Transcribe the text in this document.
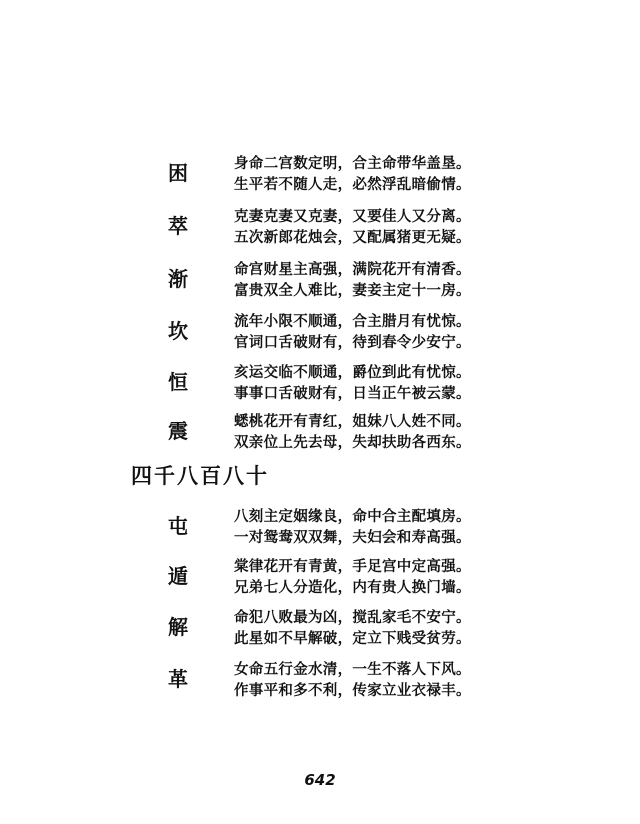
困	身命二宫数定明，合主命带华盖垦。
生平若不随人走，必然浮乱暗偷情。
萃	克妻克妻又克妻，又要佳人又分离。
五次新郎花烛会，又配属猪更无疑。
渐	命宫财星主高强，满院花开有清香。
富贵双全人难比，妻妾主定十一房。
坎	流年小限不顺通，合主腊月有忧惊。
官词口舌破财有，待到春令少安宁。
恒	亥运交临不顺通，爵位到此有忧惊。
事事口舌破财有，日当正午被云蒙。
震	蟋桃花开有青红，姐妹八人姓不同。
双亲位上先去母，失却扶助各西东。
四千八百八十
屯	八刻主定姻缘良，命中合主配填房。
一对鸳鸯双双舞，夫妇会和寿高强。
遁	棠律花开有青黄，手足宫中定高强。
兄弟七人分造化，内有贵人换门墙。
解	命犯八败最为凶，搅乱家毛不安宁。
此星如不早解破，定立下贱受贫劳。
革	女命五行金水清，一生不落人下风。
作事平和多不利，传家立业衣禄丰。
642
